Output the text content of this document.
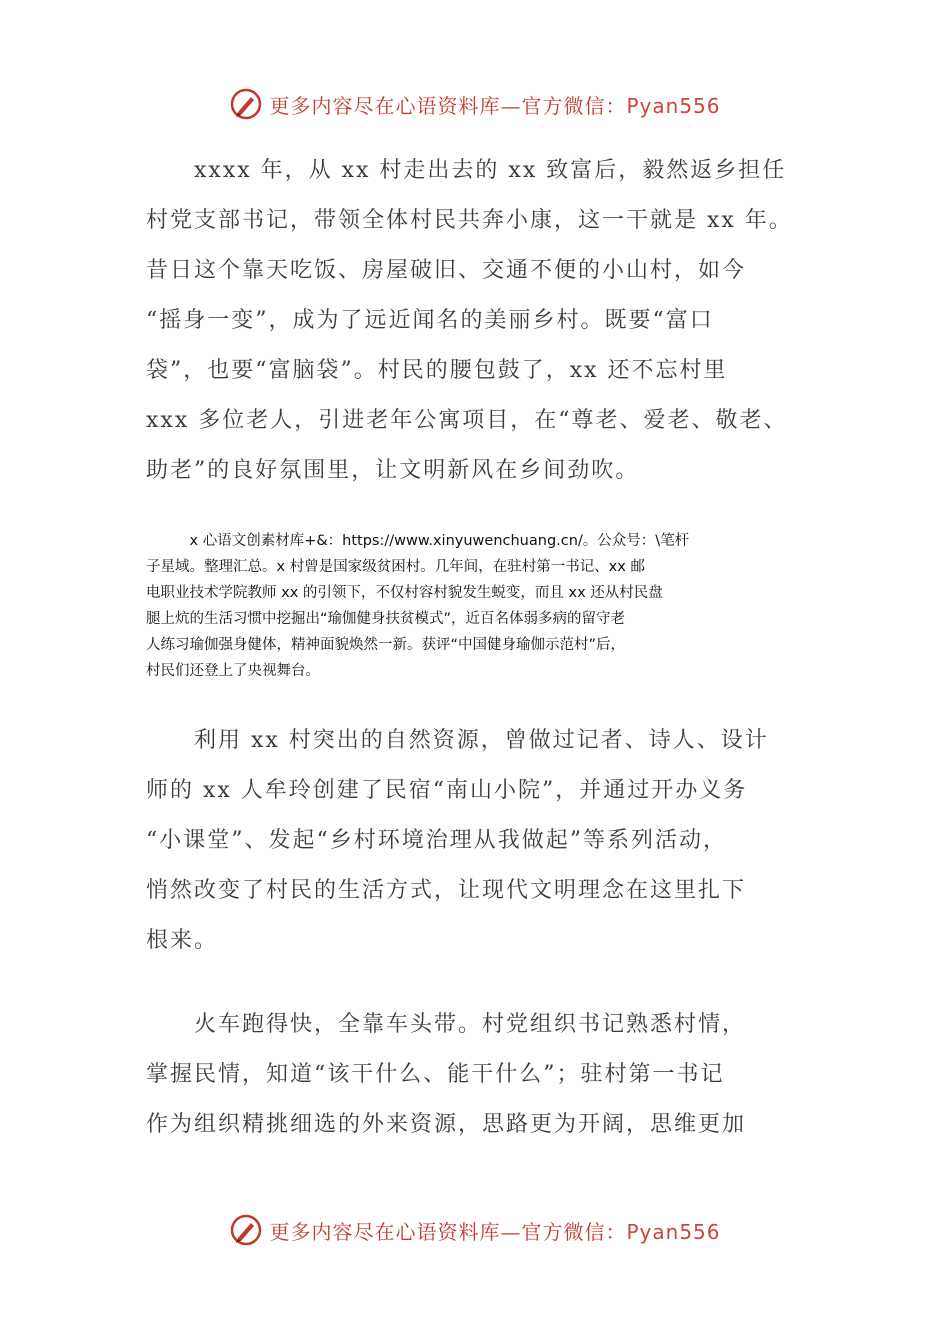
更多内容尽在心语资料库—官方微信：Pyan556
　　xxxx 年，从 xx 村走出去的 xx 致富后，毅然返乡担任
村党支部书记，带领全体村民共奔小康，这一干就是 xx 年。
昔日这个靠天吃饭、房屋破旧、交通不便的小山村，如今
“摇身一变”，成为了远近闻名的美丽乡村。既要“富口
袋”，也要“富脑袋”。村民的腰包鼓了，xx 还不忘村里
xxx 多位老人，引进老年公寓项目，在“尊老、爱老、敬老、
助老”的良好氛围里，让文明新风在乡间劲吹。
　　　x 心语文创素材库+&：https://www.xinyuwenchuang.cn/。公众号：\笔杆
子星域。整理汇总。x 村曾是国家级贫困村。几年间，在驻村第一书记、xx 邮
电职业技术学院教师 xx 的引领下，不仅村容村貌发生蜕变，而且 xx 还从村民盘
腿上炕的生活习惯中挖掘出“瑜伽健身扶贫模式”，近百名体弱多病的留守老
人练习瑜伽强身健体，精神面貌焕然一新。获评“中国健身瑜伽示范村”后，
村民们还登上了央视舞台。
　　利用 xx 村突出的自然资源，曾做过记者、诗人、设计
师的 xx 人牟玲创建了民宿“南山小院”，并通过开办义务
“小课堂”、发起“乡村环境治理从我做起”等系列活动，
悄然改变了村民的生活方式，让现代文明理念在这里扎下
根来。
　　火车跑得快，全靠车头带。村党组织书记熟悉村情，
掌握民情，知道“该干什么、能干什么”；驻村第一书记
作为组织精挑细选的外来资源，思路更为开阔，思维更加
更多内容尽在心语资料库—官方微信：Pyan556
